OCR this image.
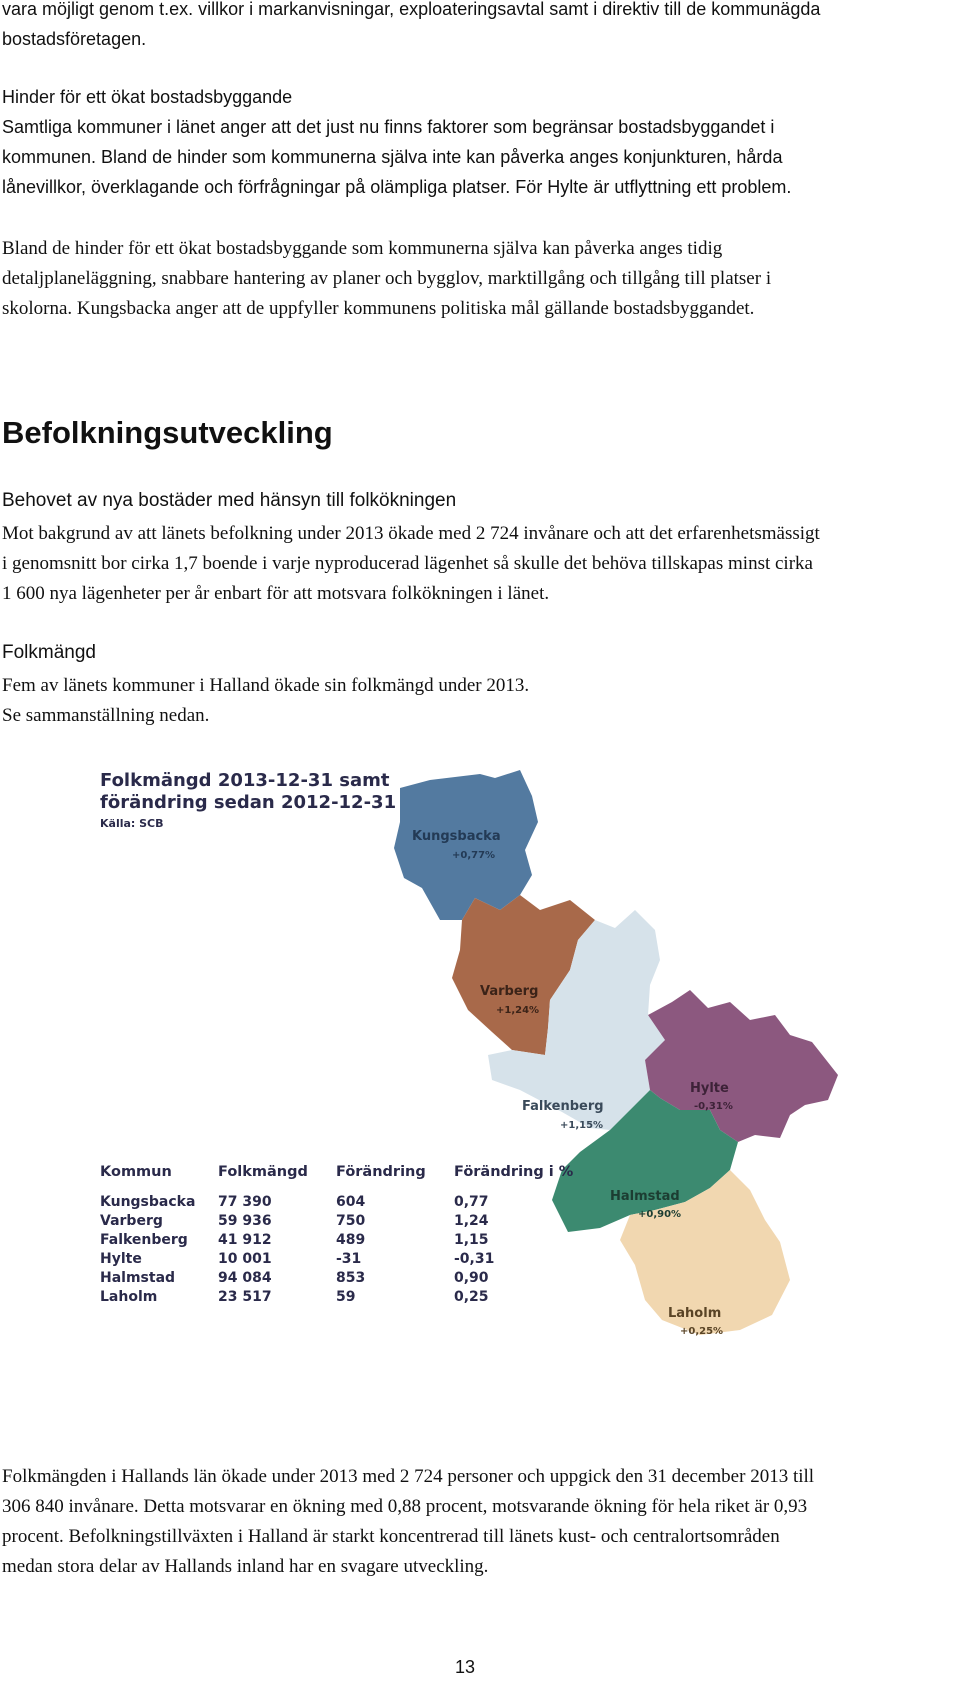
vara möjligt genom t.ex. villkor i markanvisningar, exploateringsavtal samt i direktiv till de kommunägda
bostadsföretagen.
Hinder för ett ökat bostadsbyggande
Samtliga kommuner i länet anger att det just nu finns faktorer som begränsar bostadsbyggandet i
kommunen. Bland de hinder som kommunerna själva inte kan påverka anges konjunkturen, hårda
lånevillkor, överklagande och förfrågningar på olämpliga platser. För Hylte är utflyttning ett problem.
Bland de hinder för ett ökat bostadsbyggande som kommunerna själva kan påverka anges tidig
detaljplaneläggning, snabbare hantering av planer och bygglov, marktillgång och tillgång till platser i
skolorna. Kungsbacka anger att de uppfyller kommunens politiska mål gällande bostadsbyggandet.
Befolkningsutveckling
Behovet av nya bostäder med hänsyn till folkökningen
Mot bakgrund av att länets befolkning under 2013 ökade med 2 724 invånare och att det erfarenhetsmässigt
i genomsnitt bor cirka 1,7 boende i varje nyproducerad lägenhet så skulle det behöva tillskapas minst cirka
1 600 nya lägenheter per år enbart för att motsvara folkökningen i länet.
Folkmängd
Fem av länets kommuner i Halland ökade sin folkmängd under 2013.
Se sammanställning nedan.
Kungsbacka
+0,77%
Varberg
+1,24%
Falkenberg
+1,15%
Hylte
-0,31%
Halmstad
+0,90%
Laholm
+0,25%
Folkmängd 2013-12-31 samt
förändring sedan 2012-12-31
Källa: SCB
Kommun
Kungsbacka
Varberg
Falkenberg
Hylte
Halmstad
Laholm
Folkmängd
77 390
59 936
41 912
10 001
94 084
23 517
Förändring
604
750
489
-31
853
59
Förändring i %
0,77
1,24
1,15
-0,31
0,90
0,25
Folkmängden i Hallands län ökade under 2013 med 2 724 personer och uppgick den 31 december 2013 till
306 840 invånare. Detta motsvarar en ökning med 0,88 procent, motsvarande ökning för hela riket är 0,93
procent. Befolkningstillväxten i Halland är starkt koncentrerad till länets kust- och centralortsområden
medan stora delar av Hallands inland har en svagare utveckling.
13
